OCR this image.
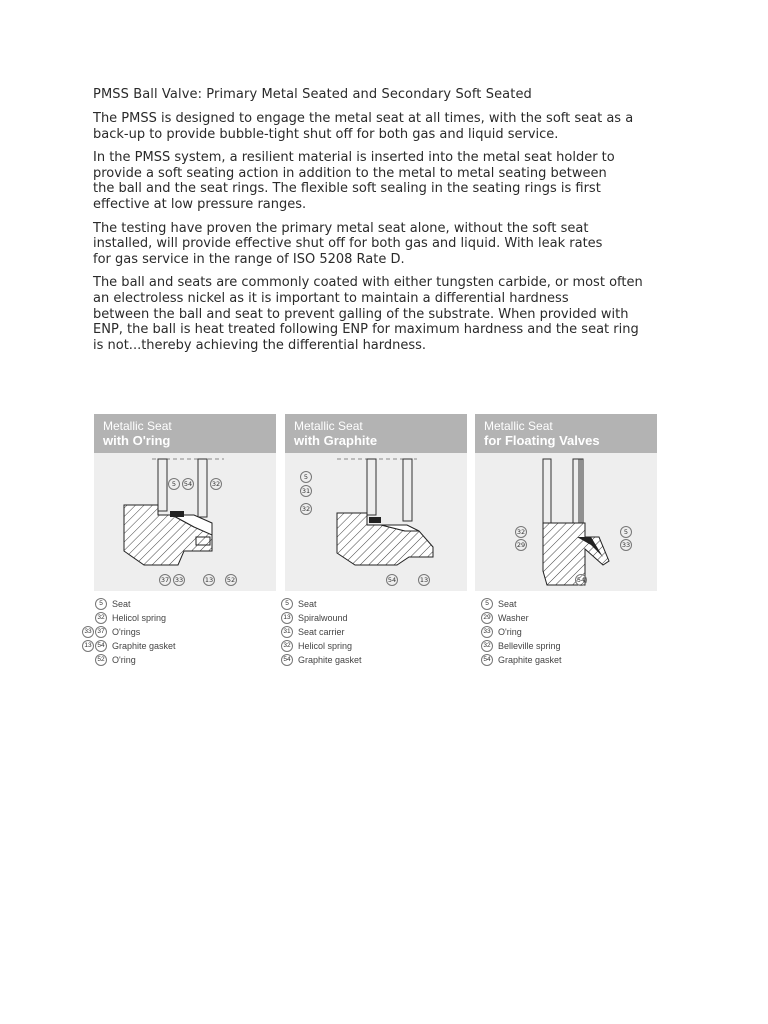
PMSS Ball Valve: Primary Metal Seated and Secondary Soft Seated
The PMSS is designed to engage the metal seat at all times, with the soft seat as a
back-up to provide bubble-tight shut off for both gas and liquid service.
In the PMSS system, a resilient material is inserted into the metal seat holder to
provide a soft seating action in addition to the metal to metal seating between
the ball and the seat rings. The flexible soft sealing in the seating rings is first
effective at low pressure ranges.
The testing have proven the primary metal seat alone, without the soft seat
installed, will provide effective shut off for both gas and liquid. With leak rates
for gas service in the range of ISO 5208 Rate D.
The ball and seats are commonly coated with either tungsten carbide, or most often
an electroless nickel as it is important to maintain a differential hardness
between the ball and seat to prevent galling of the substrate. When provided with
ENP, the ball is heat treated following ENP for maximum hardness and the seat ring
is not...thereby achieving the differential hardness.
Metallic Seat
with O'ring
5	54	32
37 33	13 52
Metallic Seat
with Graphite
5
31
32
54	13
Metallic Seat
for Floating Valves
32
29
5
33
54
5	Seat
32 Helicol spring
33 37 O'rings
13 54 Graphite gasket
52 O'ring
5	Seat
13 Spiralwound
31 Seat carrier
32 Helicol spring
54 Graphite gasket
5	Seat
29 Washer
33 O'ring
32 Belleville spring
54 Graphite gasket
